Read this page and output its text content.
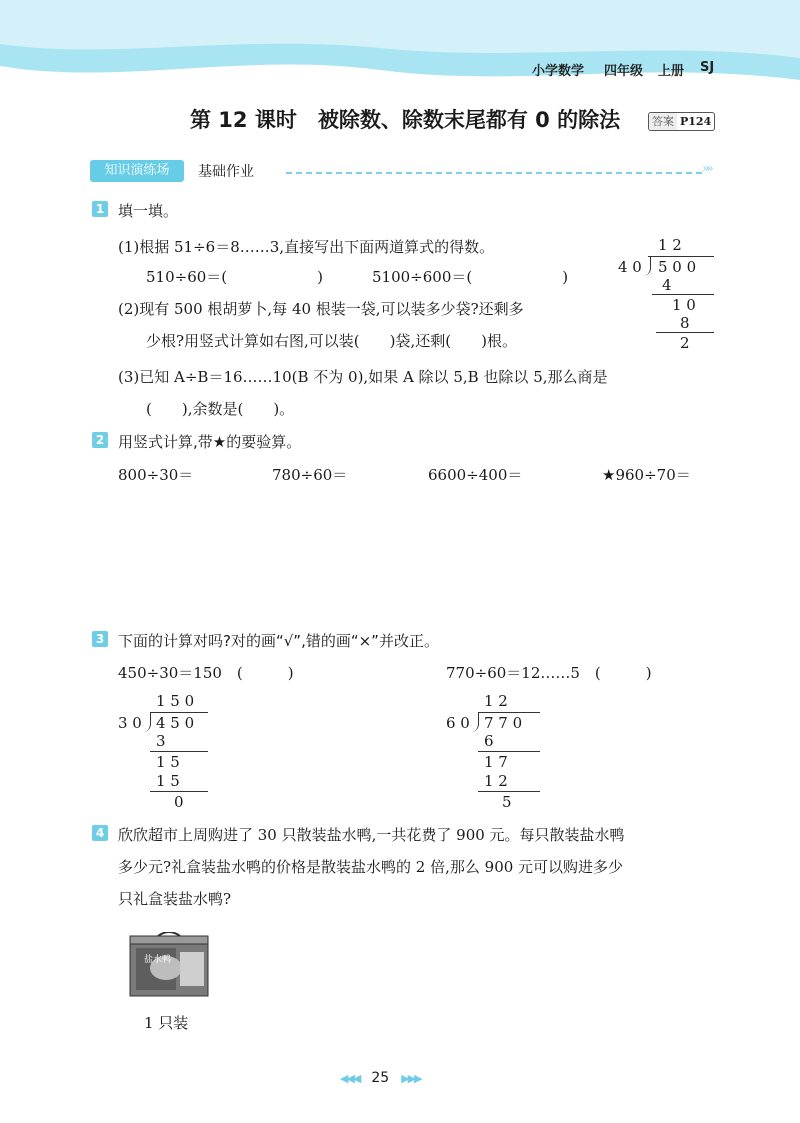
小学数学 四年级 上册 SJ
第 12 课时　被除数、除数末尾都有 0 的除法	答案 P124
知识演练场	基础作业	»»
1 填一填。
(1)根据 51÷6＝8……3,直接写出下面两道算式的得数。
510÷60＝(　　　　　　)	5100÷600＝(　　　　　　)
(2)现有 500 根胡萝卜,每 40 根装一袋,可以装多少袋?还剩多
少根?用竖式计算如右图,可以装(　　)袋,还剩(　　)根。
(3)已知 A÷B＝16……10(B 不为 0),如果 A 除以 5,B 也除以 5,那么商是
(　　),余数是(　　)。
1 2
4 0 5 0 0
4
1 0
8
2
2 用竖式计算,带★的要验算。
800÷30＝	780÷60＝	6600÷400＝	★960÷70＝
3 下面的计算对吗?对的画“√”,错的画“×”并改正。
450÷30＝150　(　　　)	770÷60＝12……5　(　　　)
1 5 0
3 0 4 5 0
3
1 5
1 5
0
1 2
6 0 7 7 0
6
1 7
1 2
5
4 欣欣超市上周购进了 30 只散装盐水鸭,一共花费了 900 元。每只散装盐水鸭
多少元?礼盒装盐水鸭的价格是散装盐水鸭的 2 倍,那么 900 元可以购进多少
只礼盒装盐水鸭?
盐水鸭
1 只装
◀◀◀ 25 ▶▶▶
